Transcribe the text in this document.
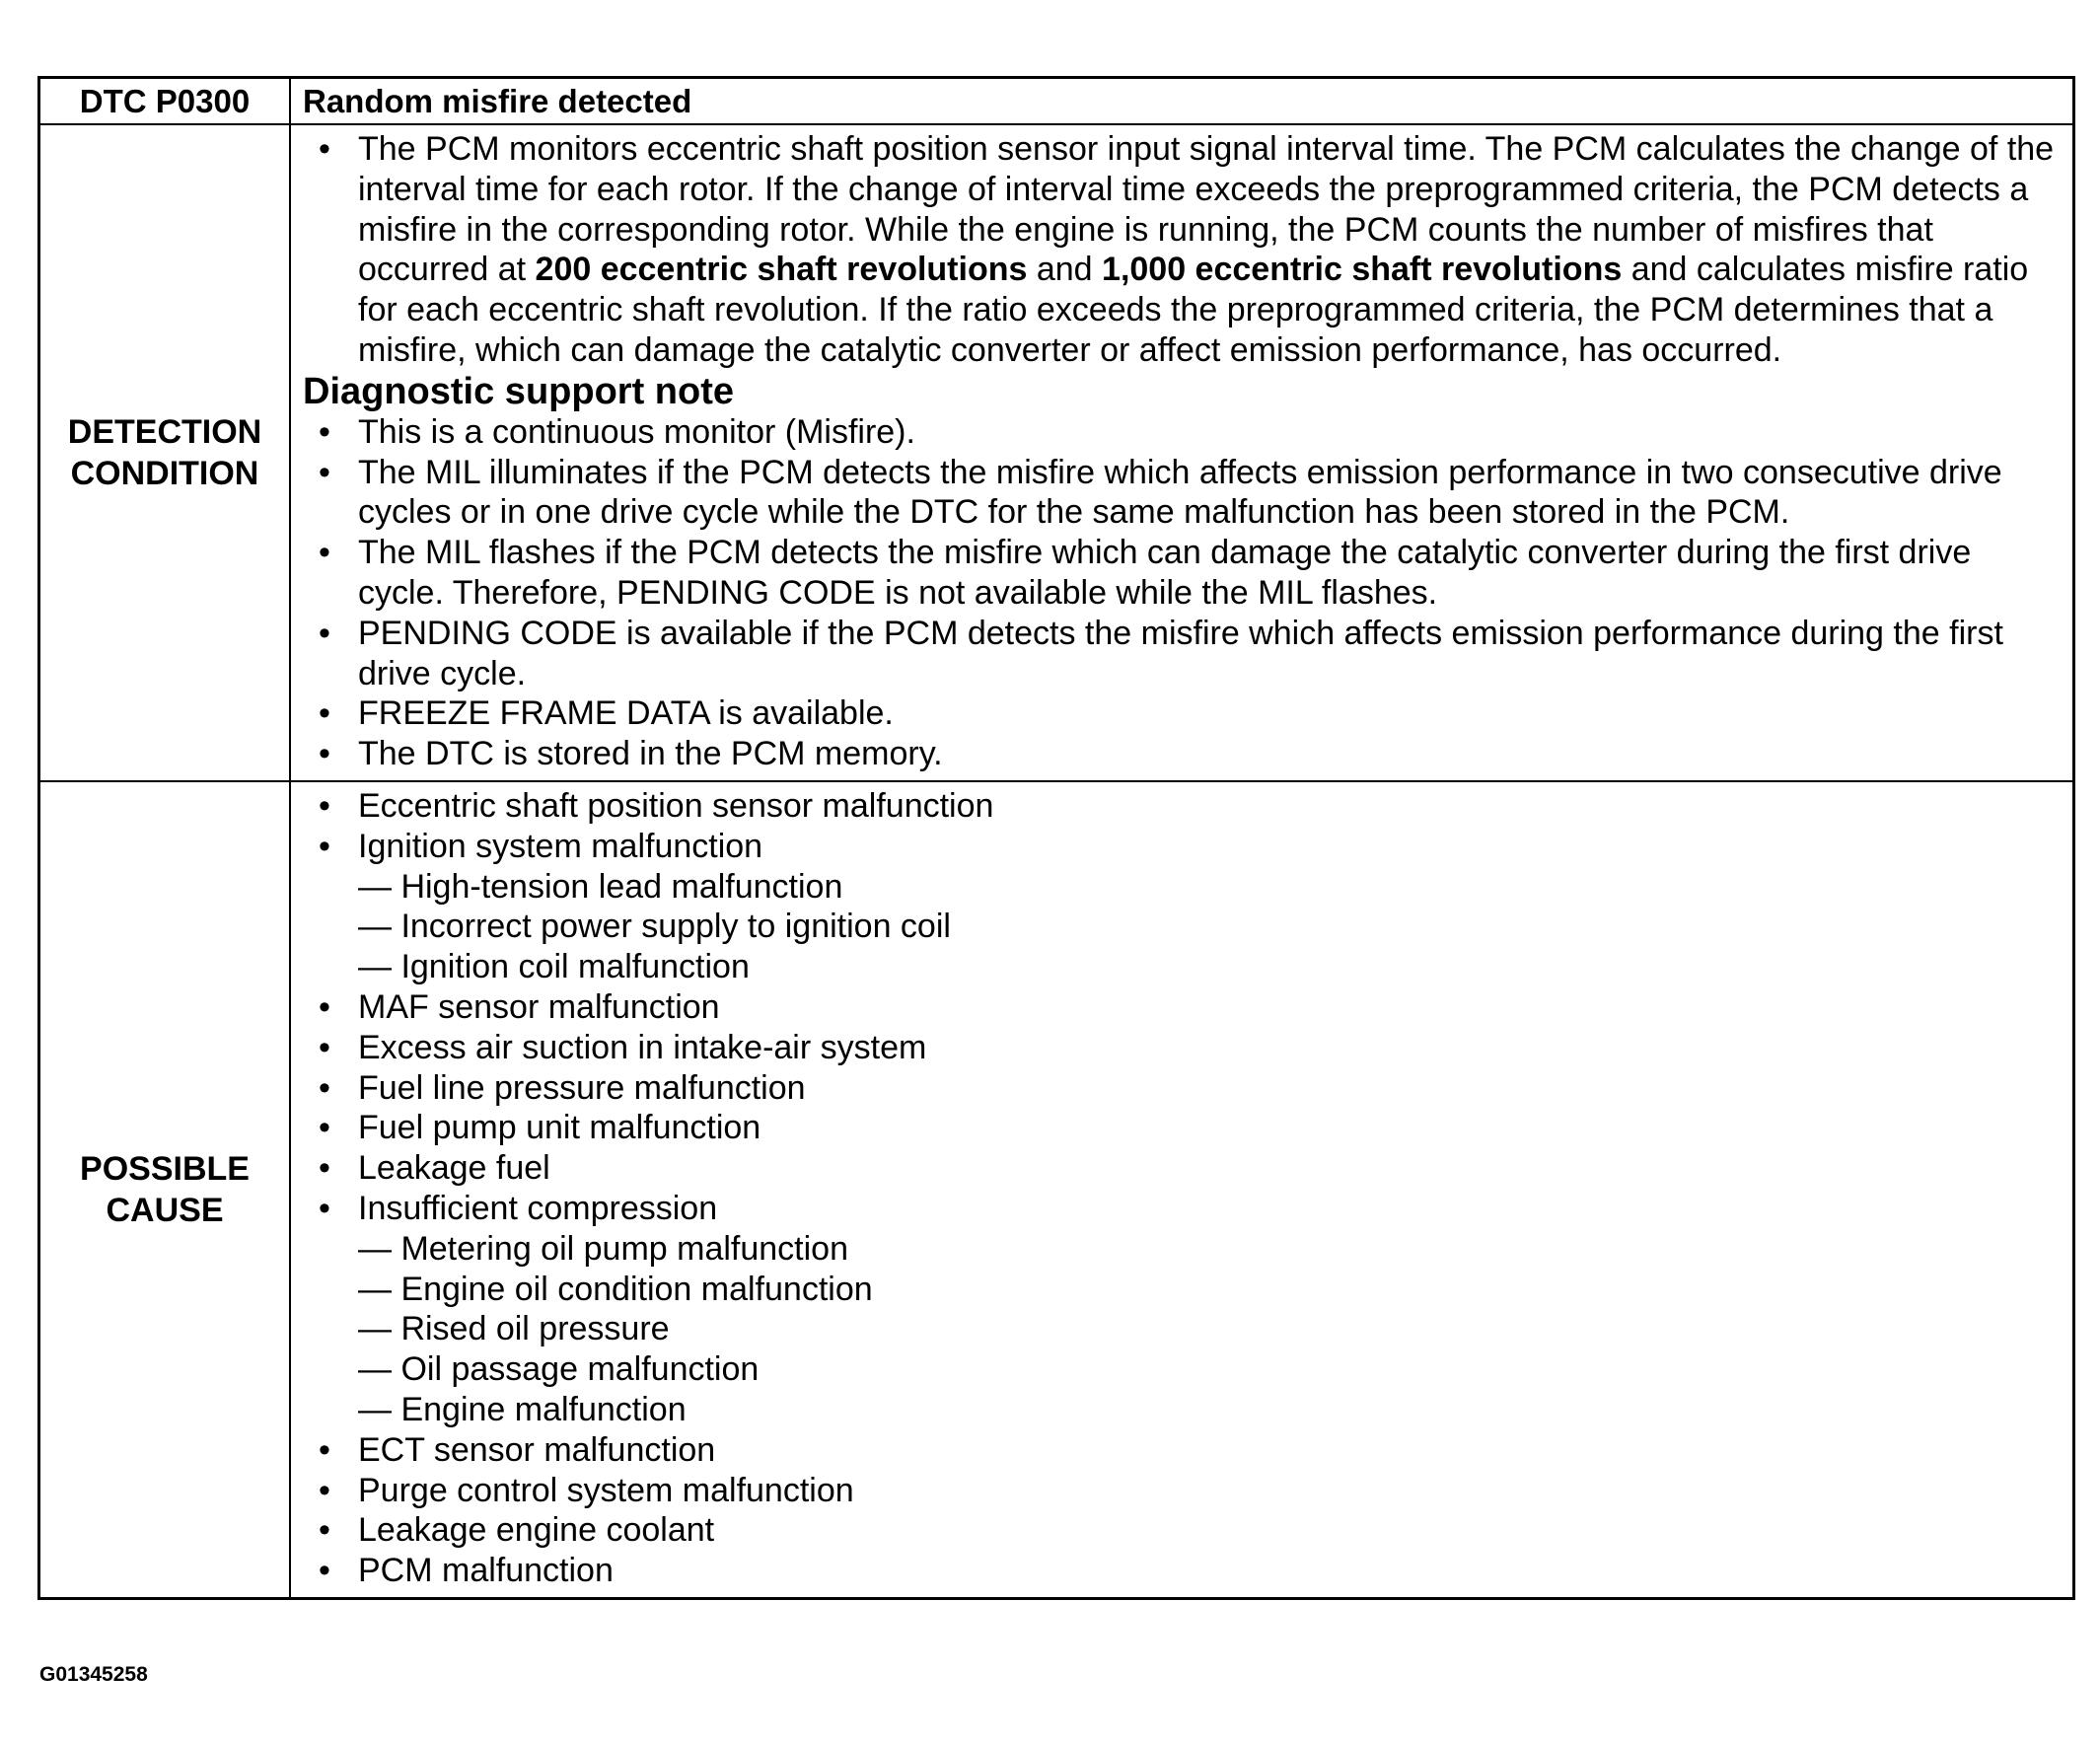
DTC P0300	Random misfire detected
DETECTION
CONDITION
• The PCM monitors eccentric shaft position sensor input signal interval time. The PCM calculates the change of the interval time for each rotor. If the change of interval time exceeds the preprogrammed criteria, the PCM detects a misfire in the corresponding rotor. While the engine is running, the PCM counts the number of misfires that occurred at 200 eccentric shaft revolutions and 1,000 eccentric shaft revolutions and calculates misfire ratio for each eccentric shaft revolution. If the ratio exceeds the preprogrammed criteria, the PCM determines that a misfire, which can damage the catalytic converter or affect emission performance, has occurred.
Diagnostic support note
• This is a continuous monitor (Misfire).
• The MIL illuminates if the PCM detects the misfire which affects emission performance in two consecutive drive cycles or in one drive cycle while the DTC for the same malfunction has been stored in the PCM.
• The MIL flashes if the PCM detects the misfire which can damage the catalytic converter during the first drive cycle. Therefore, PENDING CODE is not available while the MIL flashes.
• PENDING CODE is available if the PCM detects the misfire which affects emission performance during the first drive cycle.
• FREEZE FRAME DATA is available.
• The DTC is stored in the PCM memory.
POSSIBLE
CAUSE
• Eccentric shaft position sensor malfunction
• Ignition system malfunction
— High-tension lead malfunction
— Incorrect power supply to ignition coil
— Ignition coil malfunction
• MAF sensor malfunction
• Excess air suction in intake-air system
• Fuel line pressure malfunction
• Fuel pump unit malfunction
• Leakage fuel
• Insufficient compression
— Metering oil pump malfunction
— Engine oil condition malfunction
— Rised oil pressure
— Oil passage malfunction
— Engine malfunction
• ECT sensor malfunction
• Purge control system malfunction
• Leakage engine coolant
• PCM malfunction
G01345258
